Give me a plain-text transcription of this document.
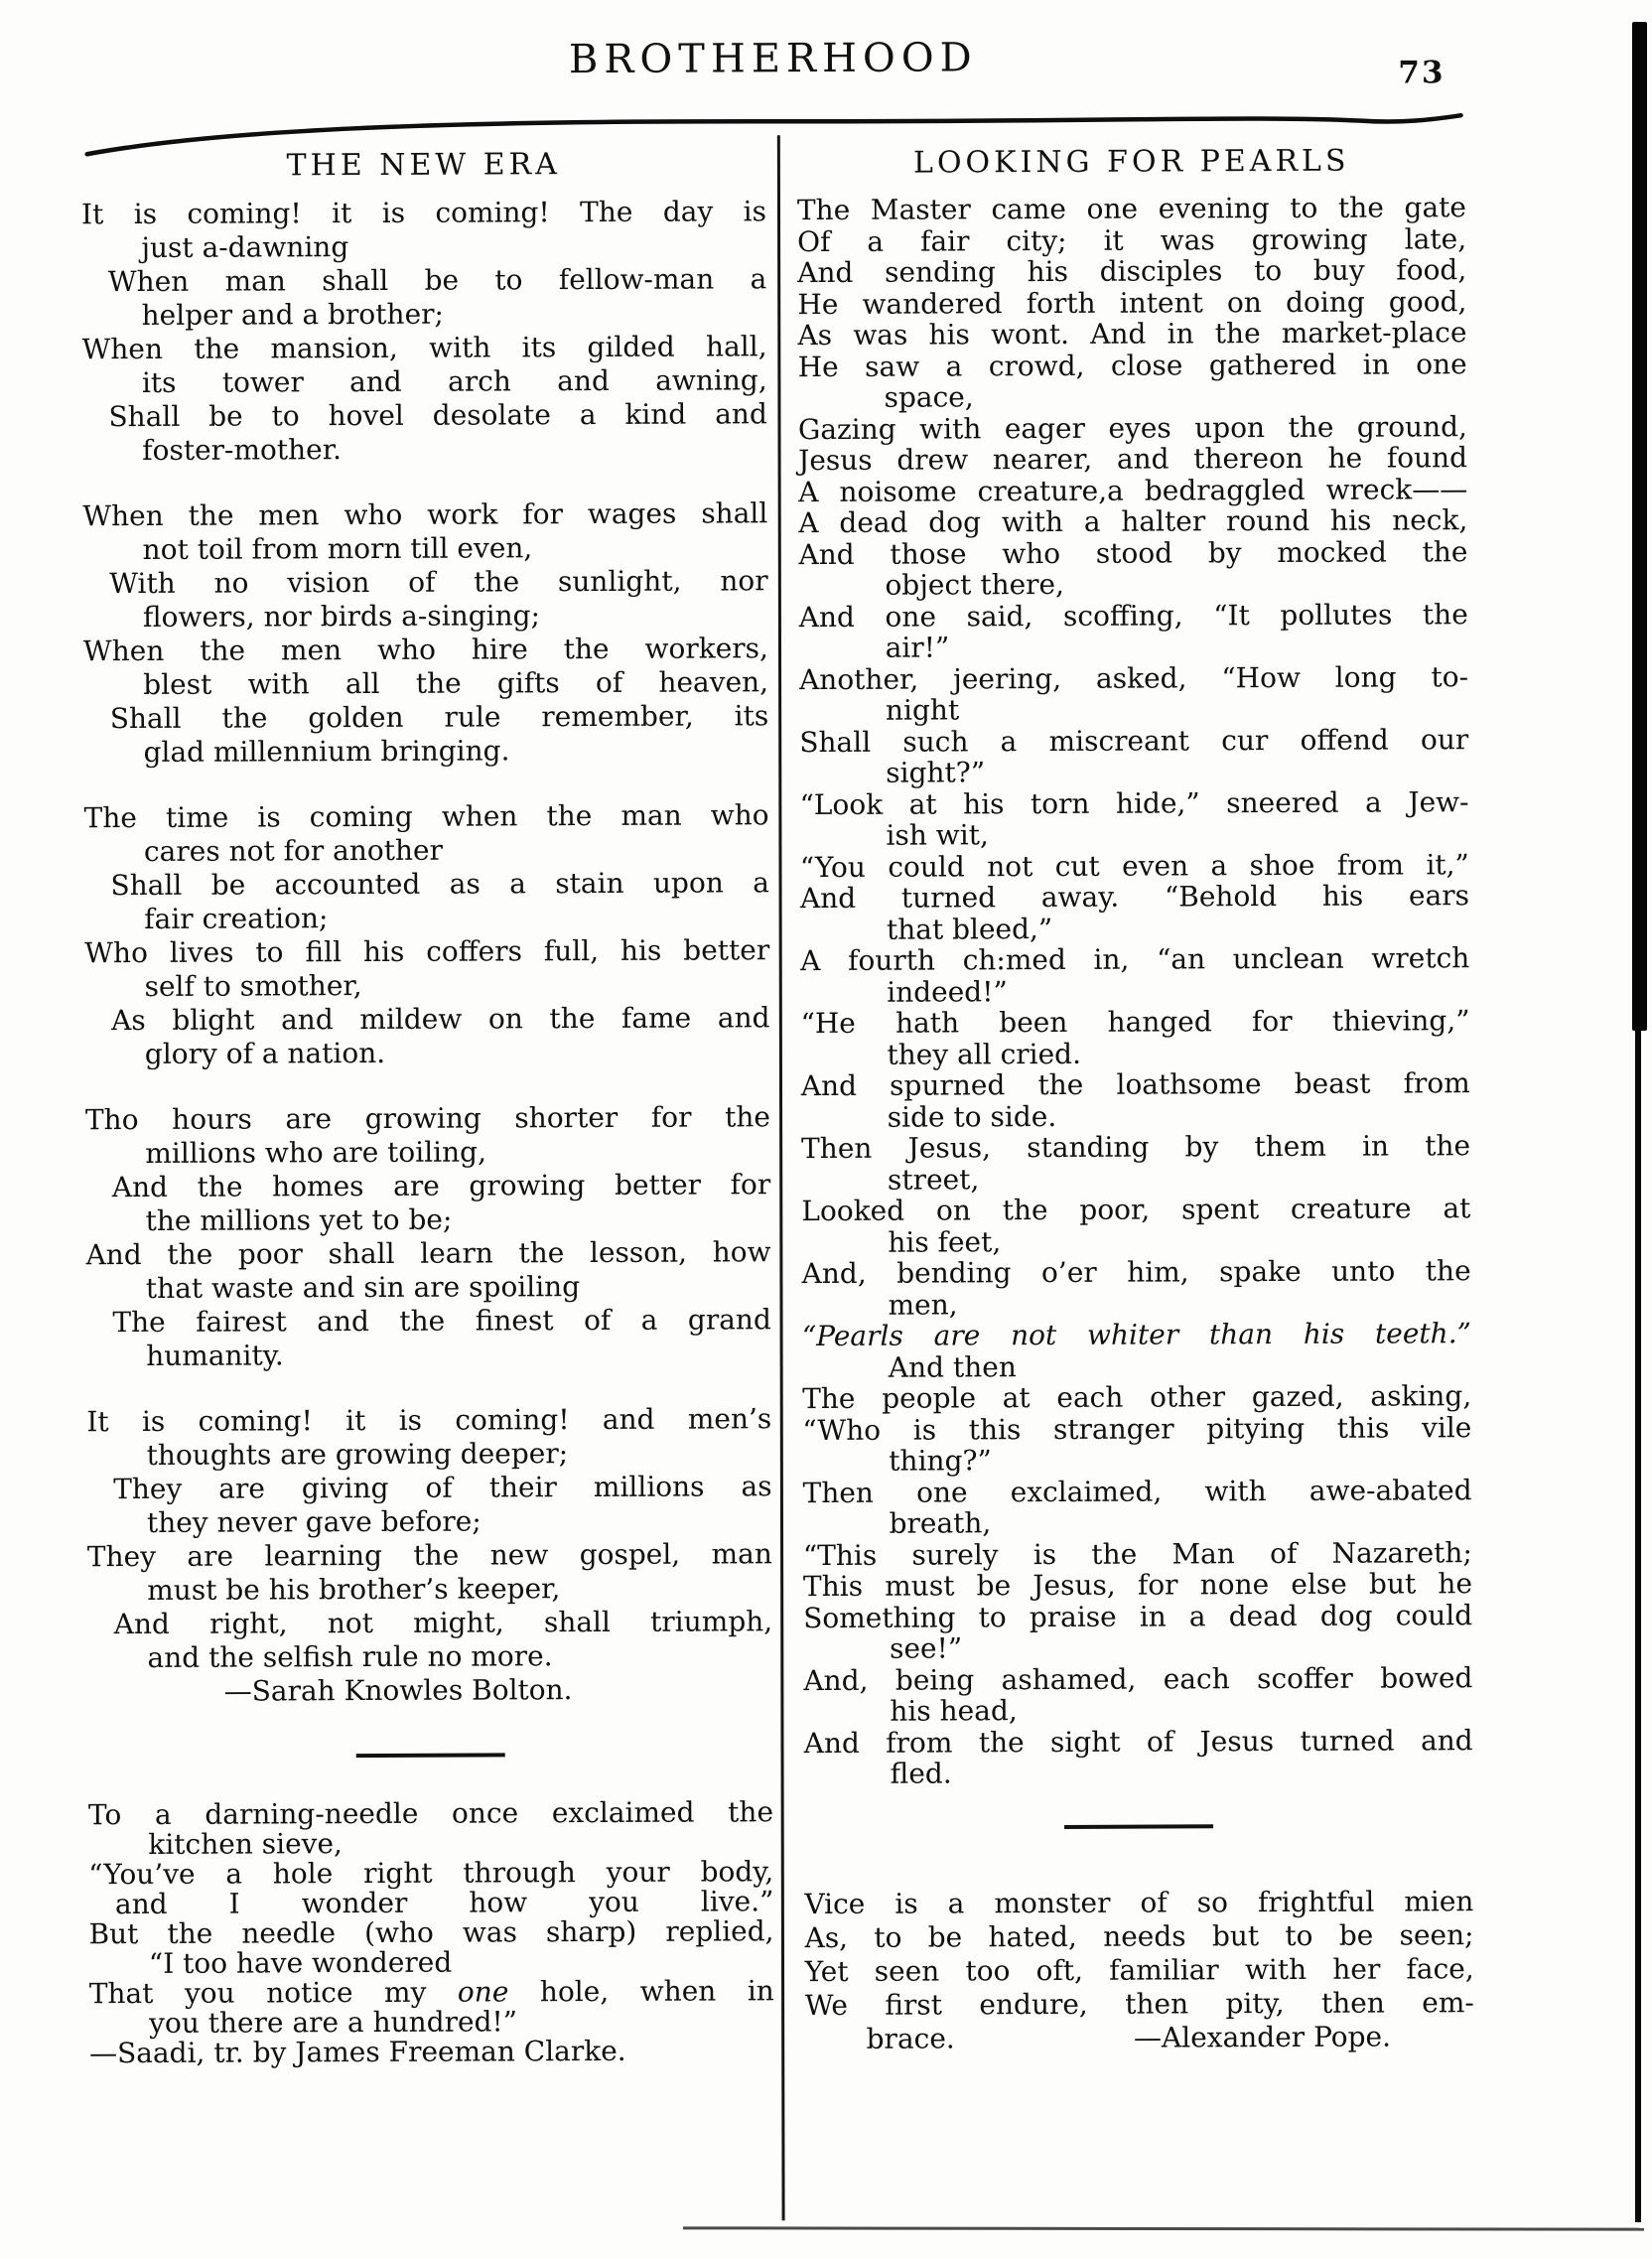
BROTHERHOOD	73
THE NEW ERA
It is coming! it is coming! The day is
just a-dawning
When man shall be to fellow-man a
helper and a brother;
When the mansion, with its gilded hall,
its tower and arch and awning,
Shall be to hovel desolate a kind and
foster-mother.
When the men who work for wages shall
not toil from morn till even,
With no vision of the sunlight, nor
flowers, nor birds a-singing;
When the men who hire the workers,
blest with all the gifts of heaven,
Shall the golden rule remember, its
glad millennium bringing.
The time is coming when the man who
cares not for another
Shall be accounted as a stain upon a
fair creation;
Who lives to fill his coffers full, his better
self to smother,
As blight and mildew on the fame and
glory of a nation.
Tho hours are growing shorter for the
millions who are toiling,
And the homes are growing better for
the millions yet to be;
And the poor shall learn the lesson, how
that waste and sin are spoiling
The fairest and the finest of a grand
humanity.
It is coming! it is coming! and men’s
thoughts are growing deeper;
They are giving of their millions as
they never gave before;
They are learning the new gospel, man
must be his brother’s keeper,
And right, not might, shall triumph,
and the selfish rule no more.
—Sarah Knowles Bolton.
To a darning-needle once exclaimed the
kitchen sieve,
“You’ve a hole right through your body,
and I wonder how you live.”
But the needle (who was sharp) replied,
“I too have wondered
That you notice my one hole, when in
you there are a hundred!”
—Saadi, tr. by James Freeman Clarke.
LOOKING FOR PEARLS
The Master came one evening to the gate
Of a fair city; it was growing late,
And sending his disciples to buy food,
He wandered forth intent on doing good,
As was his wont. And in the market-place
He saw a crowd, close gathered in one
space,
Gazing with eager eyes upon the ground,
Jesus drew nearer, and thereon he found
A noisome creature,a bedraggled wreck——
A dead dog with a halter round his neck,
And those who stood by mocked the
object there,
And one said, scoffing, “It pollutes the
air!”
Another, jeering, asked, “How long to-
night
Shall such a miscreant cur offend our
sight?”
“Look at his torn hide,” sneered a Jew-
ish wit,
“You could not cut even a shoe from it,”
And turned away. “Behold his ears
that bleed,”
A fourth ch:med in, “an unclean wretch
indeed!”
“He hath been hanged for thieving,”
they all cried.
And spurned the loathsome beast from
side to side.
Then Jesus, standing by them in the
street,
Looked on the poor, spent creature at
his feet,
And, bending o’er him, spake unto the
men,
“Pearls are not whiter than his teeth.”
And then
The people at each other gazed, asking,
“Who is this stranger pitying this vile
thing?”
Then one exclaimed, with awe-abated
breath,
“This surely is the Man of Nazareth;
This must be Jesus, for none else but he
Something to praise in a dead dog could
see!”
And, being ashamed, each scoffer bowed
his head,
And from the sight of Jesus turned and
fled.
Vice is a monster of so frightful mien
As, to be hated, needs but to be seen;
Yet seen too oft, familiar with her face,
We first endure, then pity, then em-
brace.	—Alexander Pope.
